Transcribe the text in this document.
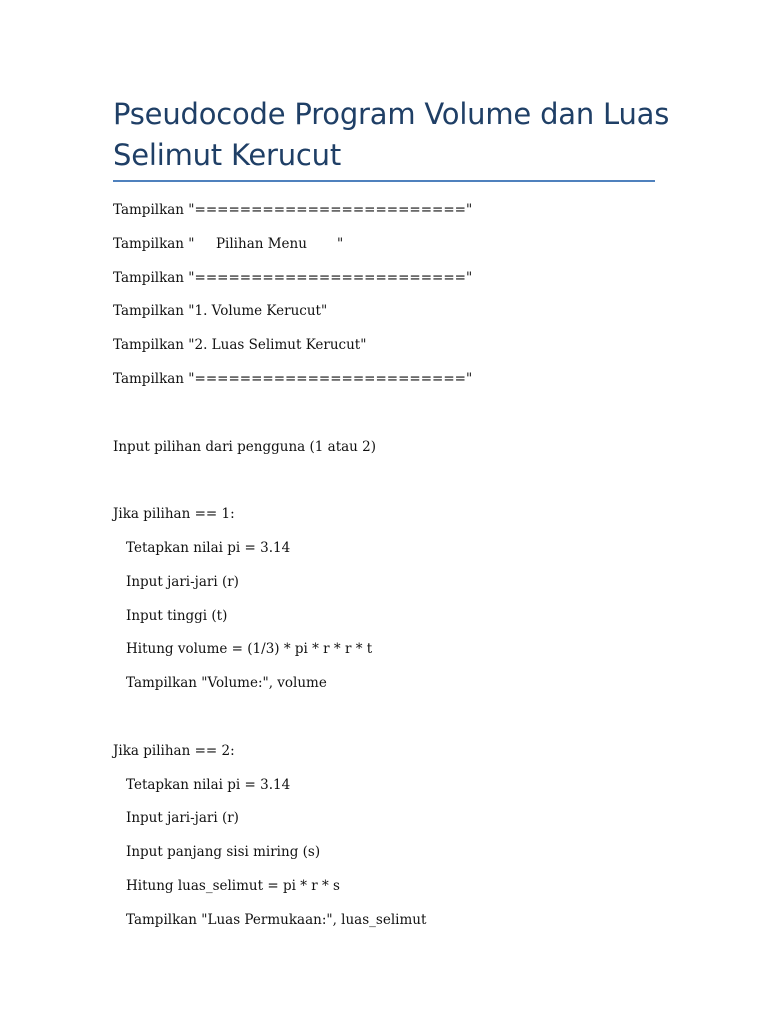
Pseudocode Program Volume dan Luas Selimut Kerucut
Tampilkan "========================"
Tampilkan "     Pilihan Menu       "
Tampilkan "========================"
Tampilkan "1. Volume Kerucut"
Tampilkan "2. Luas Selimut Kerucut"
Tampilkan "========================"
Input pilihan dari pengguna (1 atau 2)
Jika pilihan == 1:
Tetapkan nilai pi = 3.14
Input jari-jari (r)
Input tinggi (t)
Hitung volume = (1/3) * pi * r * r * t
Tampilkan "Volume:", volume
Jika pilihan == 2:
Tetapkan nilai pi = 3.14
Input jari-jari (r)
Input panjang sisi miring (s)
Hitung luas_selimut = pi * r * s
Tampilkan "Luas Permukaan:", luas_selimut
